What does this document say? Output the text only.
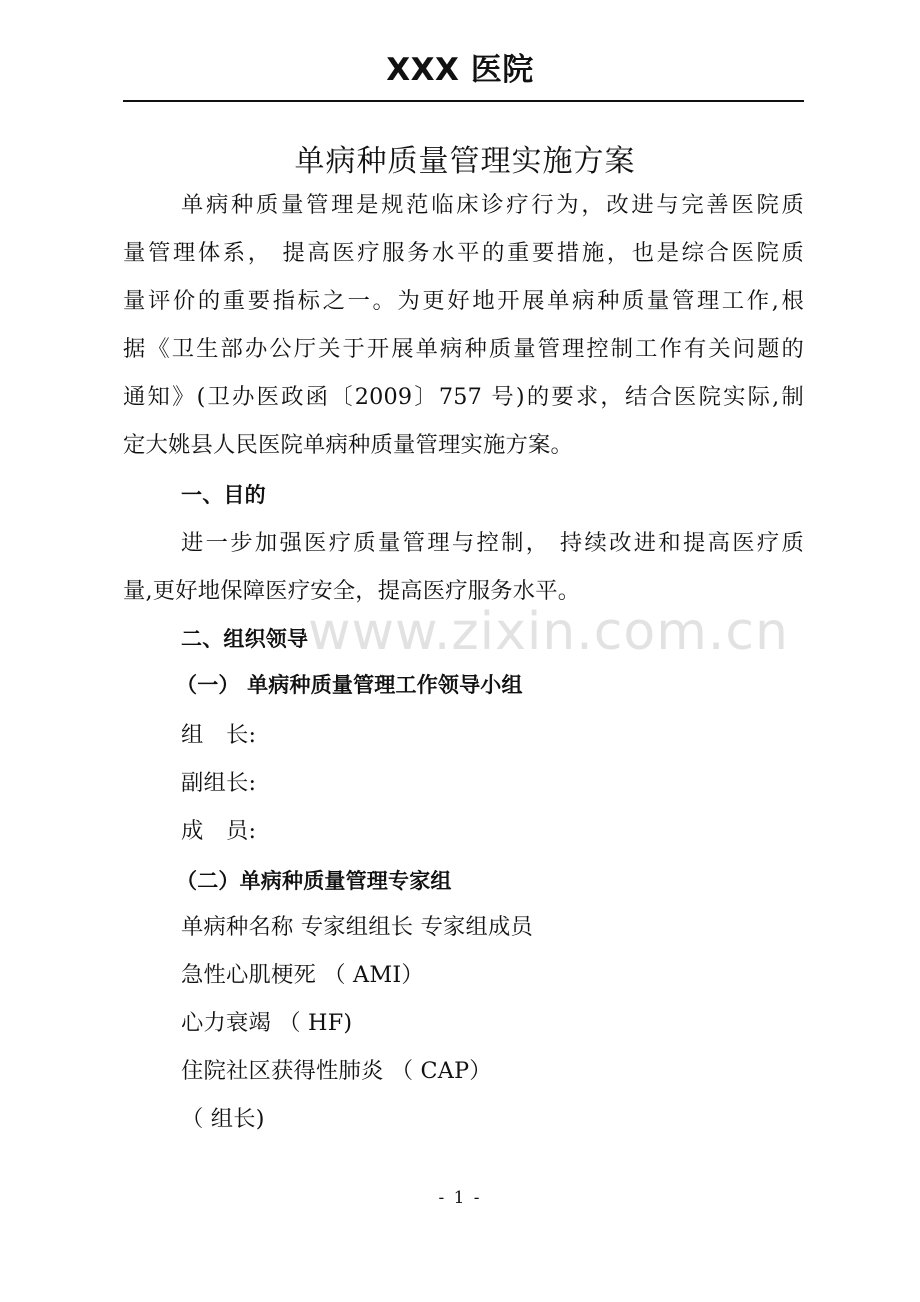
XXX 医院
单病种质量管理实施方案
单病种质量管理是规范临床诊疗行为，改进与完善医院质
量管理体系， 提高医疗服务水平的重要措施，也是综合医院质
量评价的重要指标之一。为更好地开展单病种质量管理工作,根
据《卫生部办公厅关于开展单病种质量管理控制工作有关问题的
通知》(卫办医政函〔2009〕757 号)的要求，结合医院实际,制
定大姚县人民医院单病种质量管理实施方案。
一、目的
进一步加强医疗质量管理与控制， 持续改进和提高医疗质
量,更好地保障医疗安全，提高医疗服务水平。
www.zixin.com.cn
二、组织领导
（一） 单病种质量管理工作领导小组
组　长:
副组长:
成　员:
（二）单病种质量管理专家组
单病种名称 专家组组长 专家组成员
急性心肌梗死 （ AMI）
心力衰竭 （ HF)
住院社区获得性肺炎 （ CAP）
（ 组长)
- 1 -
